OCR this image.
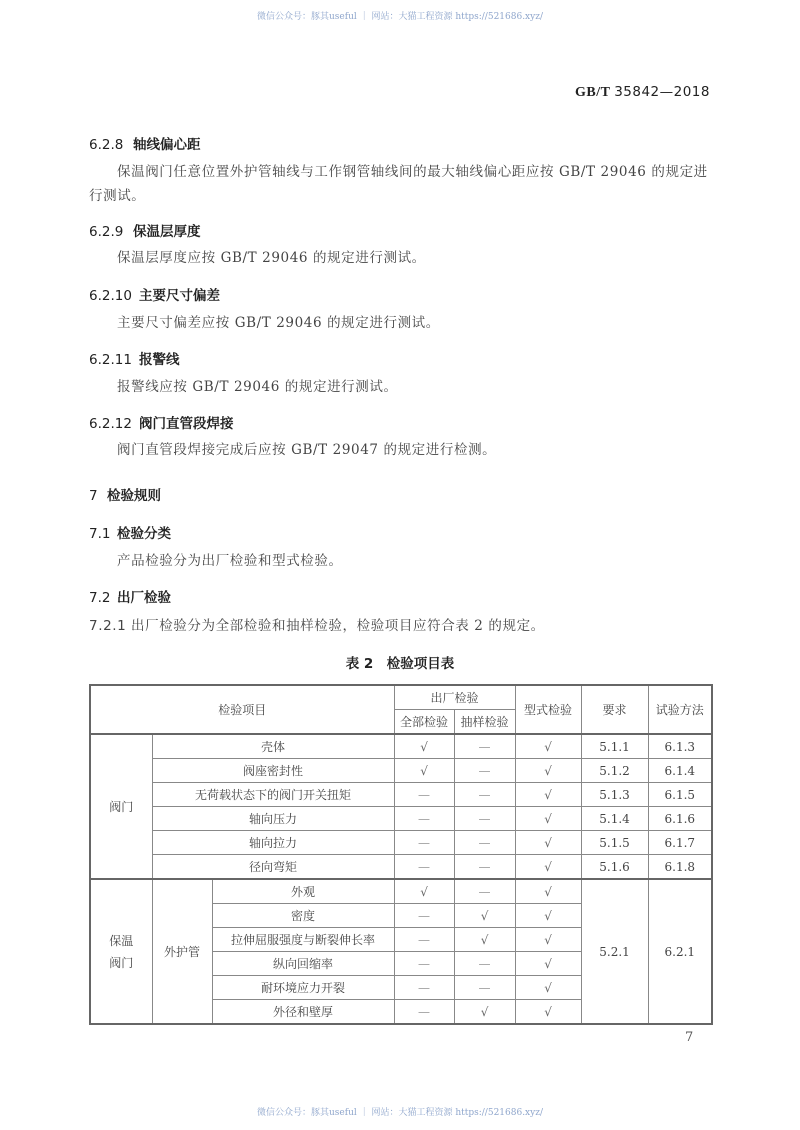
微信公众号：豚其useful ｜ 网站：大猫工程资源 https://521686.xyz/
GB/T 35842—2018
6.2.8 轴线偏心距
保温阀门任意位置外护管轴线与工作钢管轴线间的最大轴线偏心距应按 GB/T 29046 的规定进行测试。
6.2.9 保温层厚度
保温层厚度应按 GB/T 29046 的规定进行测试。
6.2.10 主要尺寸偏差
主要尺寸偏差应按 GB/T 29046 的规定进行测试。
6.2.11 报警线
报警线应按 GB/T 29046 的规定进行测试。
6.2.12 阀门直管段焊接
阀门直管段焊接完成后应按 GB/T 29047 的规定进行检测。
7 检验规则
7.1 检验分类
产品检验分为出厂检验和型式检验。
7.2 出厂检验
7.2.1 出厂检验分为全部检验和抽样检验，检验项目应符合表 2 的规定。
表 2　检验项目表
检验项目			出厂检验		型式检验	要求	试验方法
			全部检验	抽样检验			
阀门	壳体		√	—	√	5.1.1	6.1.3
	阀座密封性		√	—	√	5.1.2	6.1.4
	无荷载状态下的阀门开关扭矩		—	—	√	5.1.3	6.1.5
	轴向压力		—	—	√	5.1.4	6.1.6
	轴向拉力		—	—	√	5.1.5	6.1.7
	径向弯矩		—	—	√	5.1.6	6.1.8
保温阀门	外护管	外观	√	—	√	5.2.1	6.2.1
		密度	—	√	√		
		拉伸屈服强度与断裂伸长率	—	√	√		
		纵向回缩率	—	—	√		
		耐环境应力开裂	—	—	√		
		外径和壁厚	—	√	√		
7
微信公众号：豚其useful ｜ 网站：大猫工程资源 https://521686.xyz/
